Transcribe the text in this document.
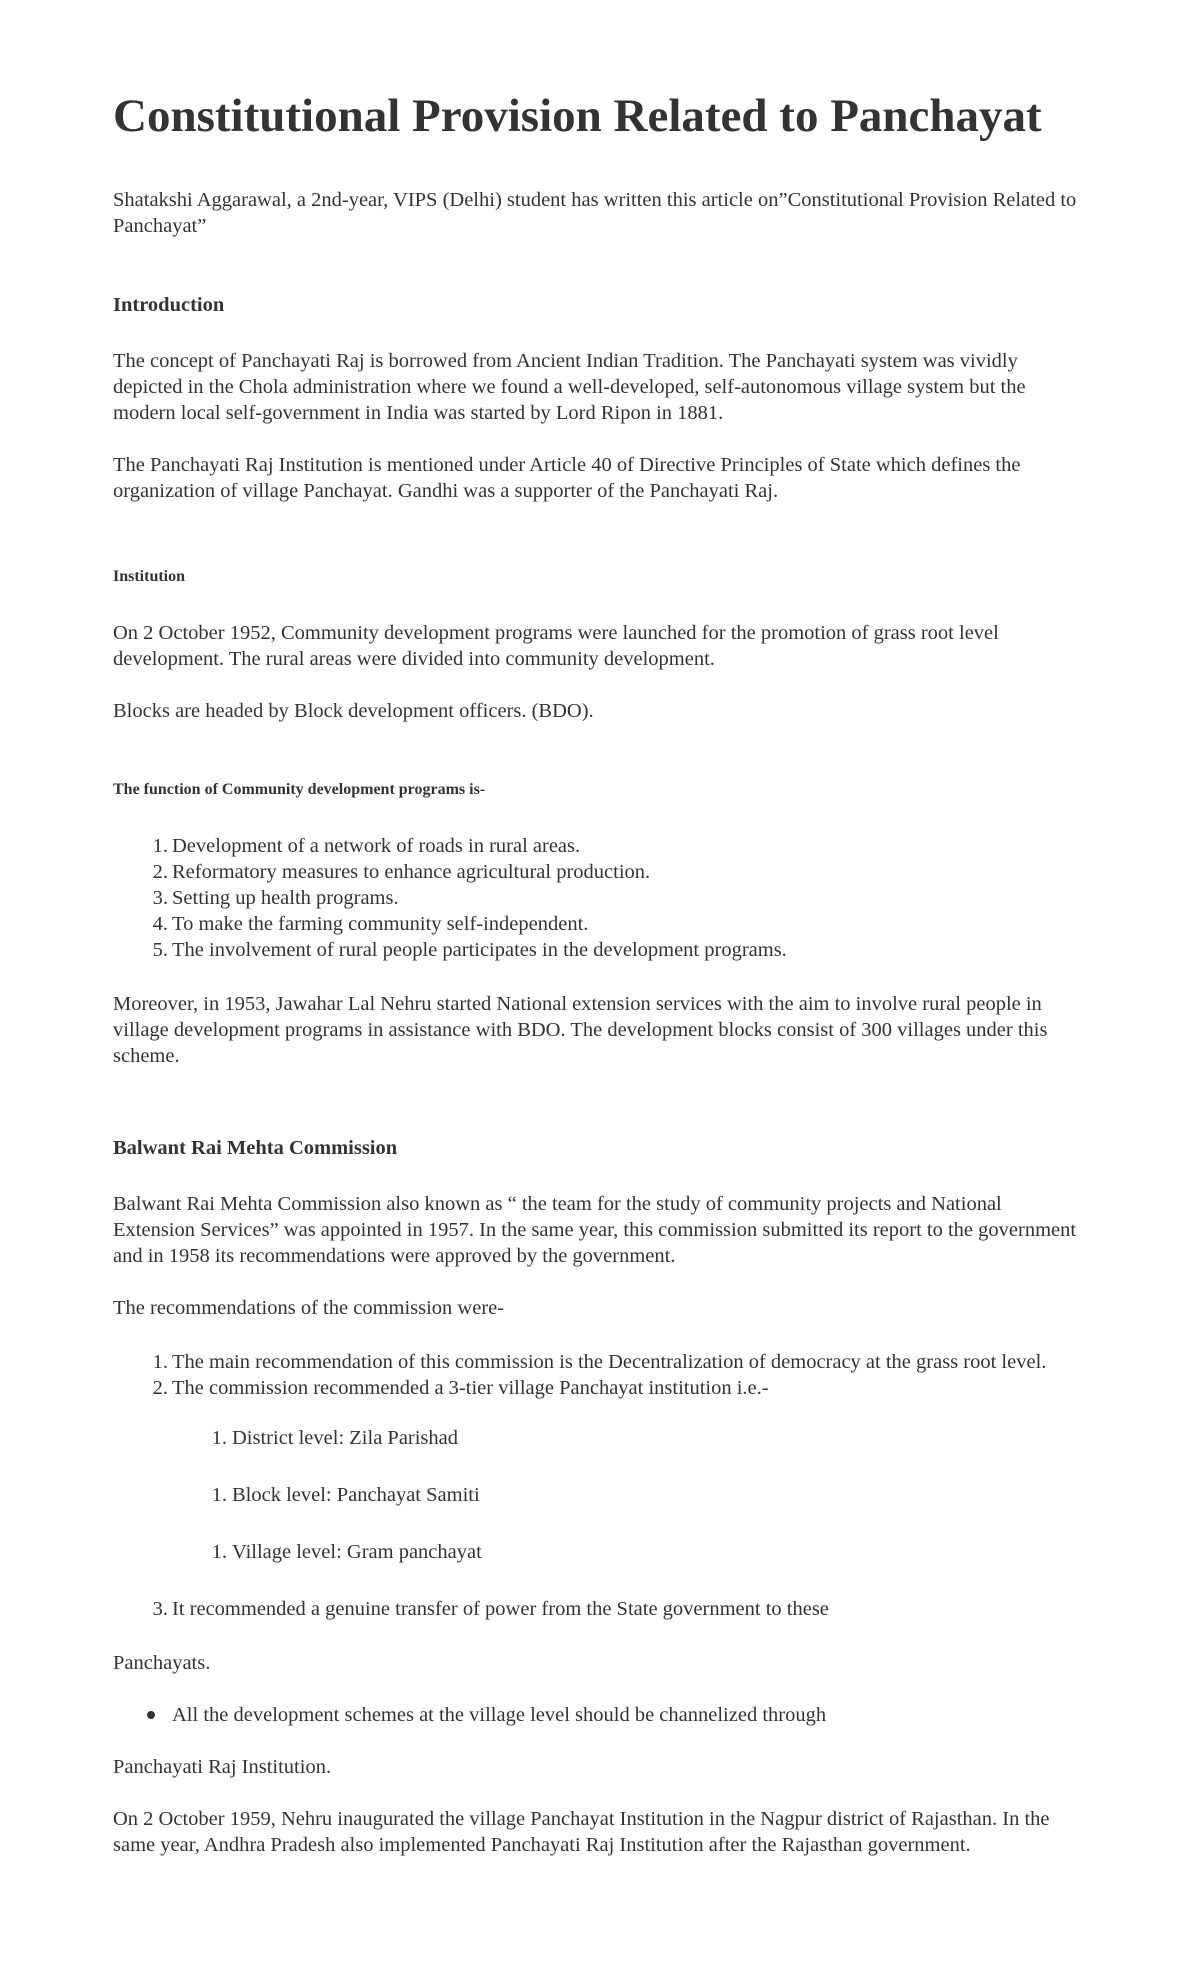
Constitutional Provision Related to Panchayat

Shatakshi Aggarawal, a 2nd-year, VIPS (Delhi) student has written this article on”Constitutional Provision Related to Panchayat”

Introduction

The concept of Panchayati Raj is borrowed from Ancient Indian Tradition. The Panchayati system was vividly depicted in the Chola administration where we found a well-developed, self-autonomous village system but the modern local self-government in India was started by Lord Ripon in 1881.

The Panchayati Raj Institution is mentioned under Article 40 of Directive Principles of State which defines the organization of village Panchayat. Gandhi was a supporter of the Panchayati Raj.

Institution

On 2 October 1952, Community development programs were launched for the promotion of grass root level development. The rural areas were divided into community development.

Blocks are headed by Block development officers. (BDO).

The function of Community development programs is-
1. Development of a network of roads in rural areas.
2. Reformatory measures to enhance agricultural production.
3. Setting up health programs.
4. To make the farming community self-independent.
5. The involvement of rural people participates in the development programs.

Moreover, in 1953, Jawahar Lal Nehru started National extension services with the aim to involve rural people in village development programs in assistance with BDO. The development blocks consist of 300 villages under this scheme.

Balwant Rai Mehta Commission

Balwant Rai Mehta Commission also known as “ the team for the study of community projects and National Extension Services” was appointed in 1957. In the same year, this commission submitted its report to the government and in 1958 its recommendations were approved by the government.

The recommendations of the commission were-

1. The main recommendation of this commission is the Decentralization of democracy at the grass root level.
2. The commission recommended a 3-tier village Panchayat institution i.e.-
1. District level: Zila Parishad
1. Block level: Panchayat Samiti
1. Village level: Gram panchayat
3. It recommended a genuine transfer of power from the State government to these

Panchayats.

All the development schemes at the village level should be channelized through

Panchayati Raj Institution.

On 2 October 1959, Nehru inaugurated the village Panchayat Institution in the Nagpur district of Rajasthan. In the same year, Andhra Pradesh also implemented Panchayati Raj Institution after the Rajasthan government.
